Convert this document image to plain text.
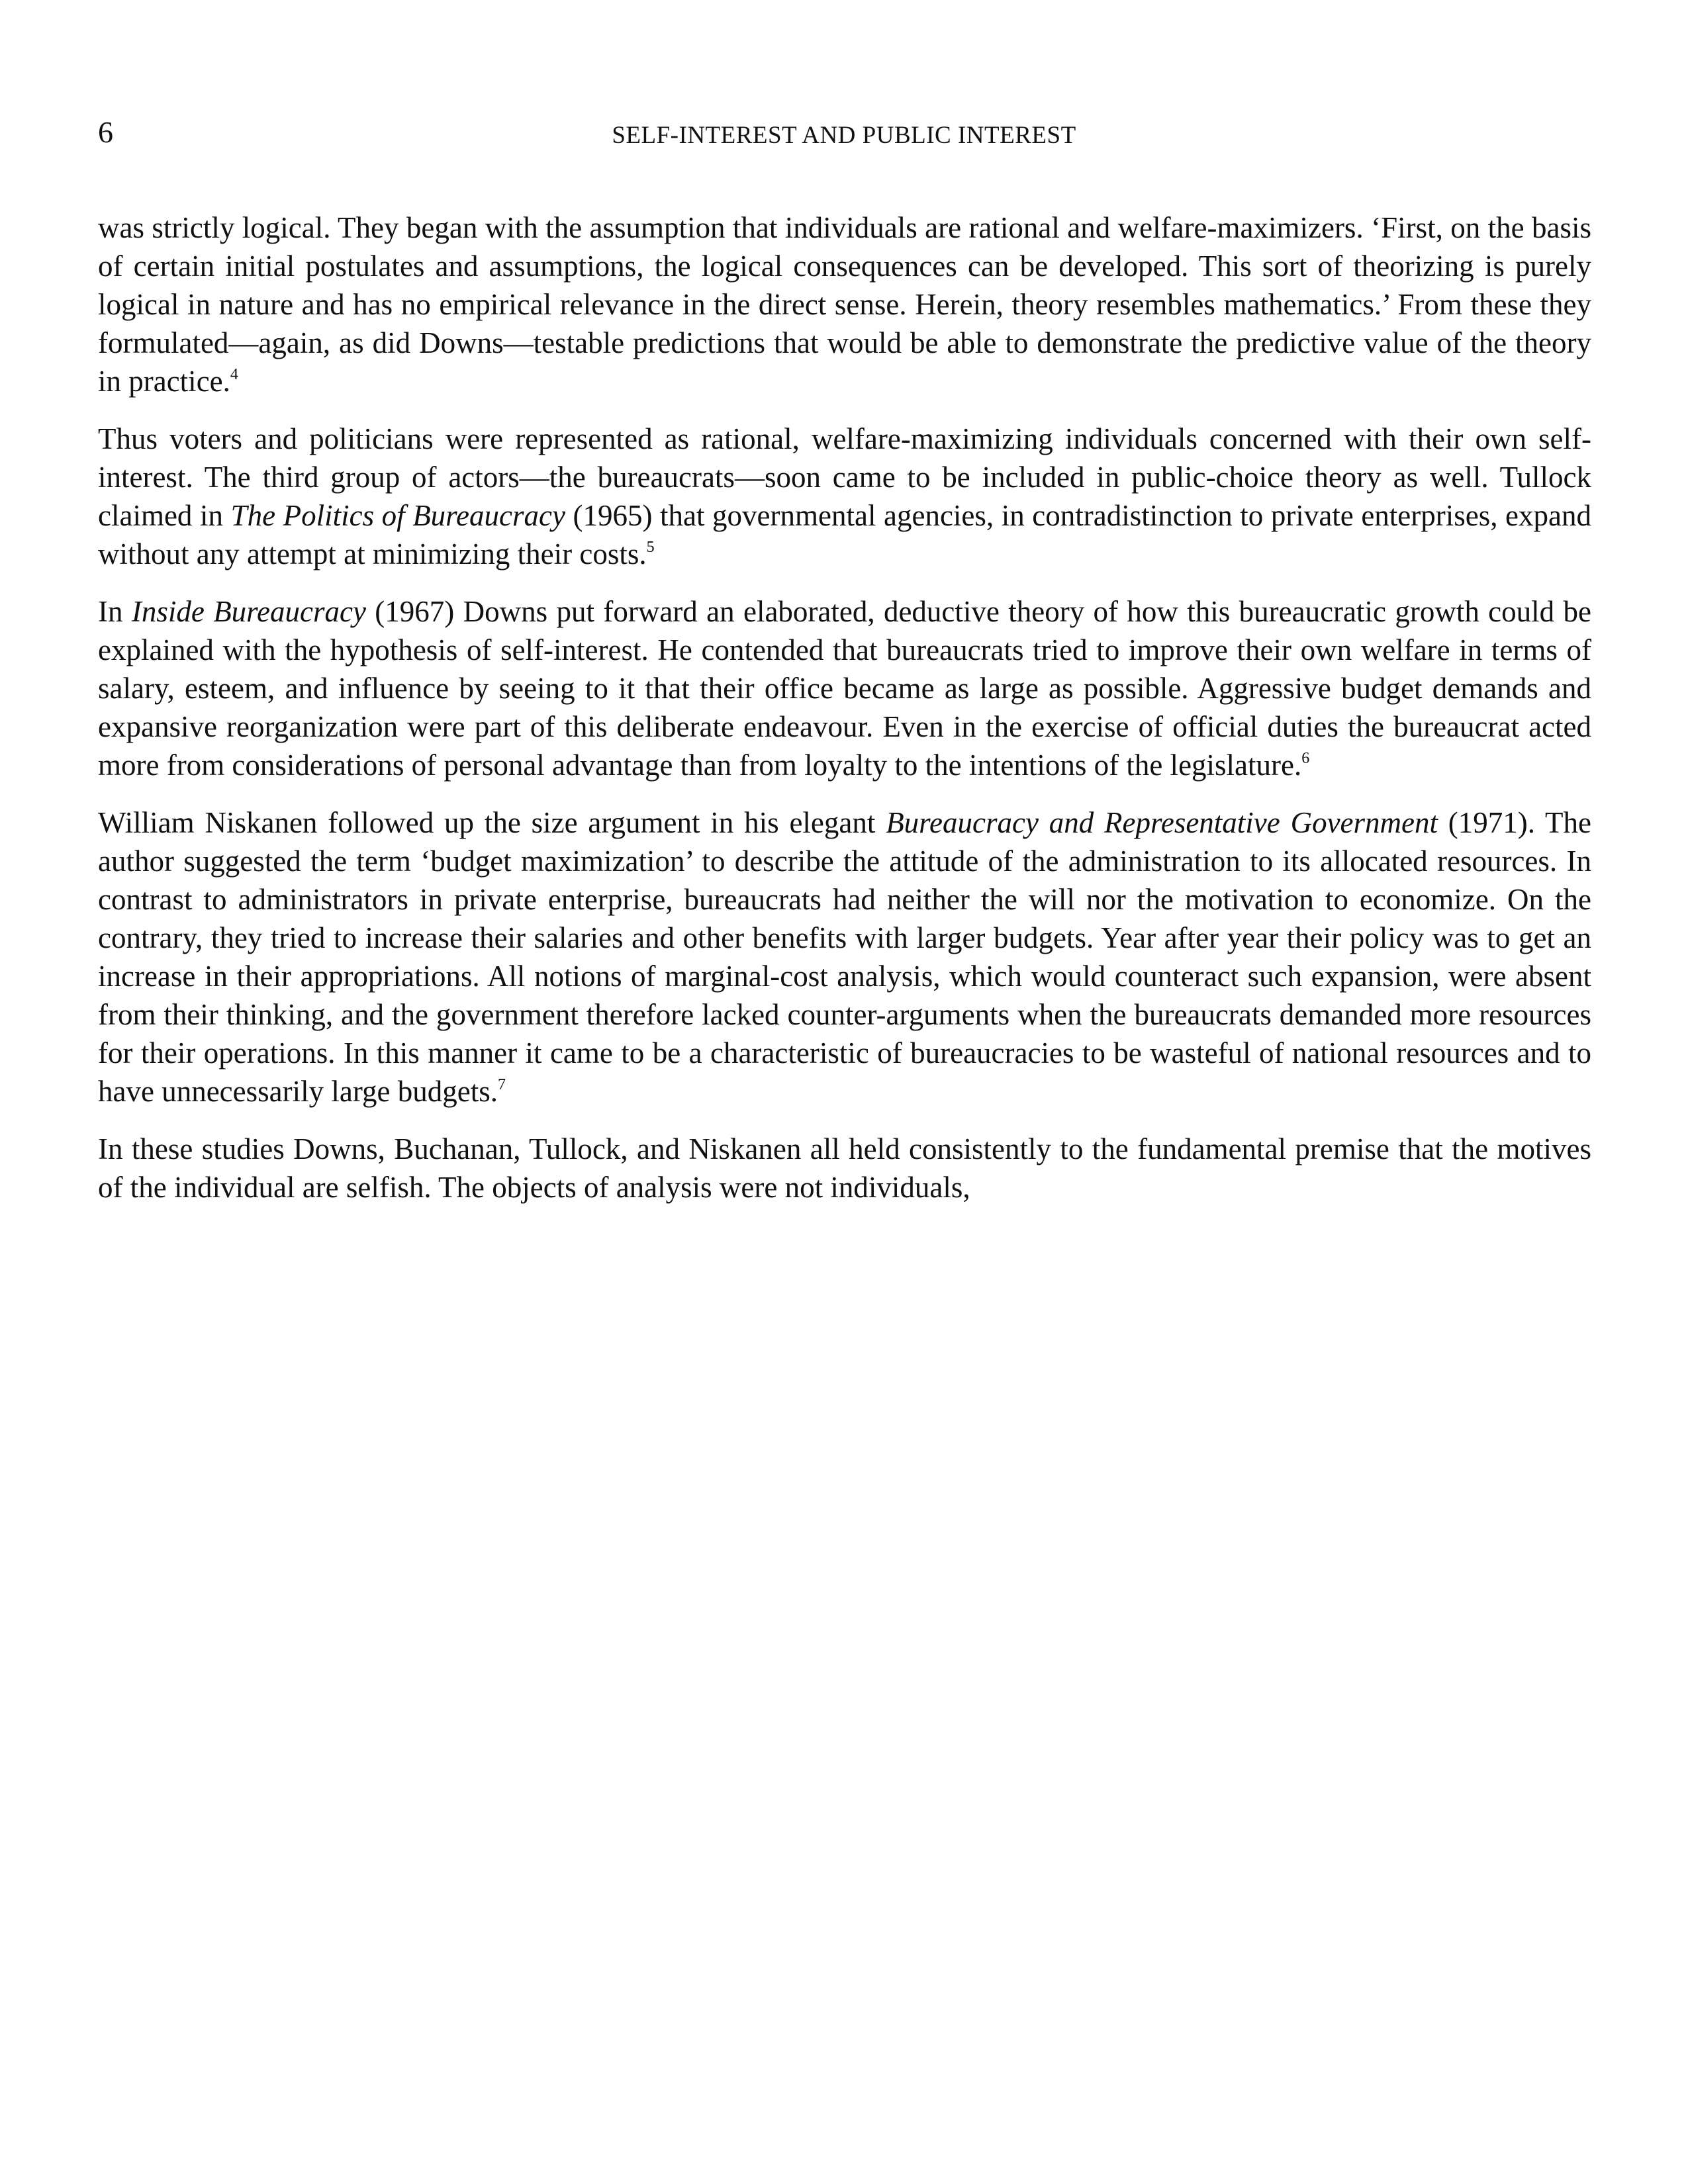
6	SELF-INTEREST AND PUBLIC INTEREST

was strictly logical. They began with the assumption that individuals are rational and welfare-maximizers. ‘First, on the basis of certain initial postulates and assumptions, the logical consequences can be developed. This sort of theorizing is purely logical in nature and has no empirical relevance in the direct sense. Herein, theory resembles mathematics.’ From these they formulated—again, as did Downs—testable predictions that would be able to demonstrate the predictive value of the theory in practice.$^4$

Thus voters and politicians were represented as rational, welfare-maximizing individuals concerned with their own self-interest. The third group of actors—the bureaucrats—soon came to be included in public-choice theory as well. Tullock claimed in The Politics of Bureaucracy (1965) that governmental agencies, in contradistinction to private enterprises, expand without any attempt at minimizing their costs.$^5$

In Inside Bureaucracy (1967) Downs put forward an elaborated, deductive theory of how this bureaucratic growth could be explained with the hypothesis of self-interest. He contended that bureaucrats tried to improve their own welfare in terms of salary, esteem, and influence by seeing to it that their office became as large as possible. Aggressive budget demands and expansive reorganization were part of this deliberate endeavour. Even in the exercise of official duties the bureaucrat acted more from considerations of personal advantage than from loyalty to the intentions of the legislature.$^6$

William Niskanen followed up the size argument in his elegant Bureaucracy and Representative Government (1971). The author suggested the term ‘budget maximization’ to describe the attitude of the administration to its allocated resources. In contrast to administrators in private enterprise, bureaucrats had neither the will nor the motivation to economize. On the contrary, they tried to increase their salaries and other benefits with larger budgets. Year after year their policy was to get an increase in their appropriations. All notions of marginal-cost analysis, which would counteract such expansion, were absent from their thinking, and the government therefore lacked counter-arguments when the bureaucrats demanded more resources for their operations. In this manner it came to be a characteristic of bureaucracies to be wasteful of national resources and to have unnecessarily large budgets.$^7$

In these studies Downs, Buchanan, Tullock, and Niskanen all held consistently to the fundamental premise that the motives of the individual are selfish. The objects of analysis were not individuals,
